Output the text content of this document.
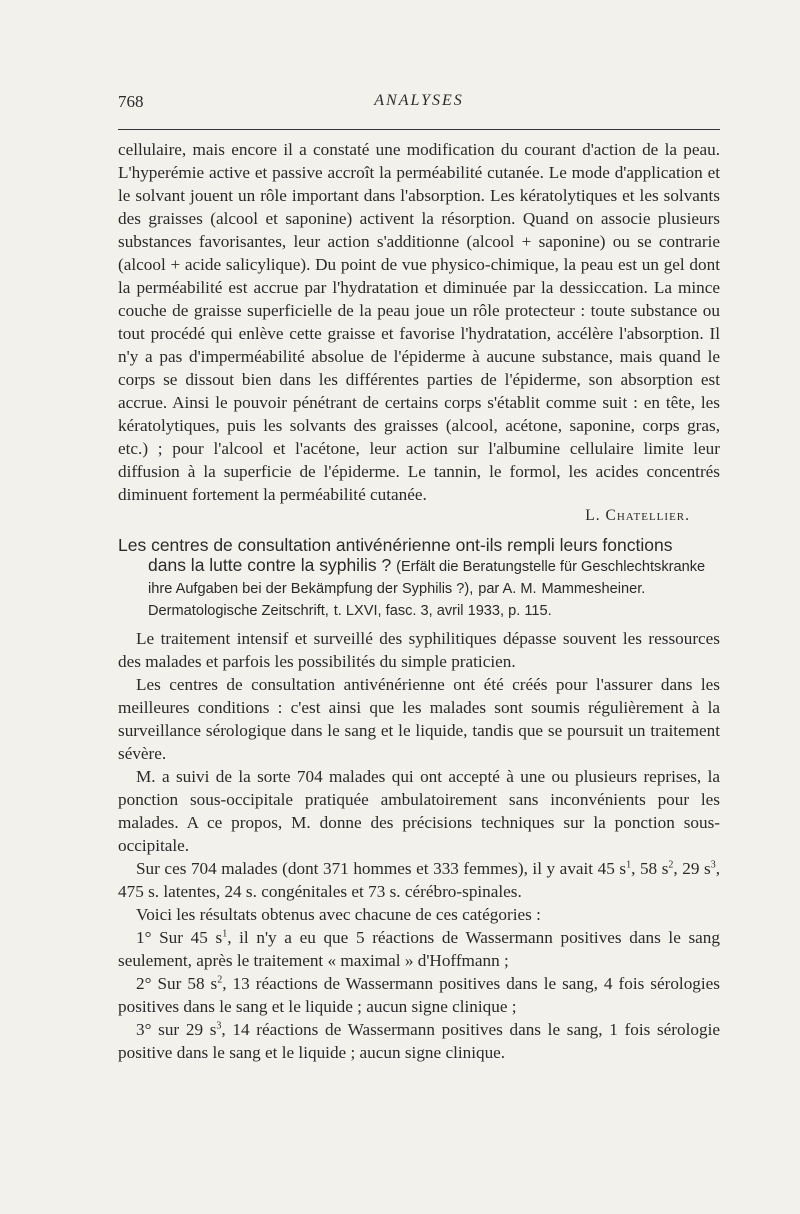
768	ANALYSES

cellulaire, mais encore il a constaté une modification du courant d'action de la peau. L'hyperémie active et passive accroît la perméabilité cutanée. Le mode d'application et le solvant jouent un rôle important dans l'absorption. Les kératolytiques et les solvants des graisses (alcool et saponine) activent la résorption. Quand on associe plusieurs substances favorisantes, leur action s'additionne (alcool + saponine) ou se contrarie (alcool + acide salicylique). Du point de vue physico-chimique, la peau est un gel dont la perméabilité est accrue par l'hydratation et diminuée par la dessiccation. La mince couche de graisse superficielle de la peau joue un rôle protecteur : toute substance ou tout procédé qui enlève cette graisse et favorise l'hydratation, accélère l'absorption. Il n'y a pas d'imperméabilité absolue de l'épiderme à aucune substance, mais quand le corps se dissout bien dans les différentes parties de l'épiderme, son absorption est accrue. Ainsi le pouvoir pénétrant de certains corps s'établit comme suit : en tête, les kératolytiques, puis les solvants des graisses (alcool, acétone, saponine, corps gras, etc.) ; pour l'alcool et l'acétone, leur action sur l'albumine cellulaire limite leur diffusion à la superficie de l'épiderme. Le tannin, le formol, les acides concentrés diminuent fortement la perméabilité cutanée.

L. Chatellier.
Les centres de consultation antivénérienne ont-ils rempli leurs fonctions
dans la lutte contre la syphilis ? (Erfält die Beratungstelle für Geschlechtskranke ihre Aufgaben bei der Bekämpfung der Syphilis ?), par A. M. Mammesheiner. Dermatologische Zeitschrift, t. LXVI, fasc. 3, avril 1933, p. 115.

Le traitement intensif et surveillé des syphilitiques dépasse souvent les ressources des malades et parfois les possibilités du simple praticien.

Les centres de consultation antivénérienne ont été créés pour l'assurer dans les meilleures conditions : c'est ainsi que les malades sont soumis régulièrement à la surveillance sérologique dans le sang et le liquide, tandis que se poursuit un traitement sévère.

M. a suivi de la sorte 704 malades qui ont accepté à une ou plusieurs reprises, la ponction sous-occipitale pratiquée ambulatoirement sans inconvénients pour les malades. A ce propos, M. donne des précisions techniques sur la ponction sous-occipitale.

Sur ces 704 malades (dont 371 hommes et 333 femmes), il y avait 45 $s^1$, 58 $s^2$, 29 $s^3$, 475 s. latentes, 24 s. congénitales et 73 s. cérébro-spinales.

Voici les résultats obtenus avec chacune de ces catégories :

1° Sur 45 $s^1$, il n'y a eu que 5 réactions de Wassermann positives dans le sang seulement, après le traitement « maximal » d'Hoffmann ;

2° Sur 58 $s^2$, 13 réactions de Wassermann positives dans le sang, 4 fois sérologies positives dans le sang et le liquide ; aucun signe clinique ;

3° sur 29 $s^3$, 14 réactions de Wassermann positives dans le sang, 1 fois sérologie positive dans le sang et le liquide ; aucun signe clinique.
